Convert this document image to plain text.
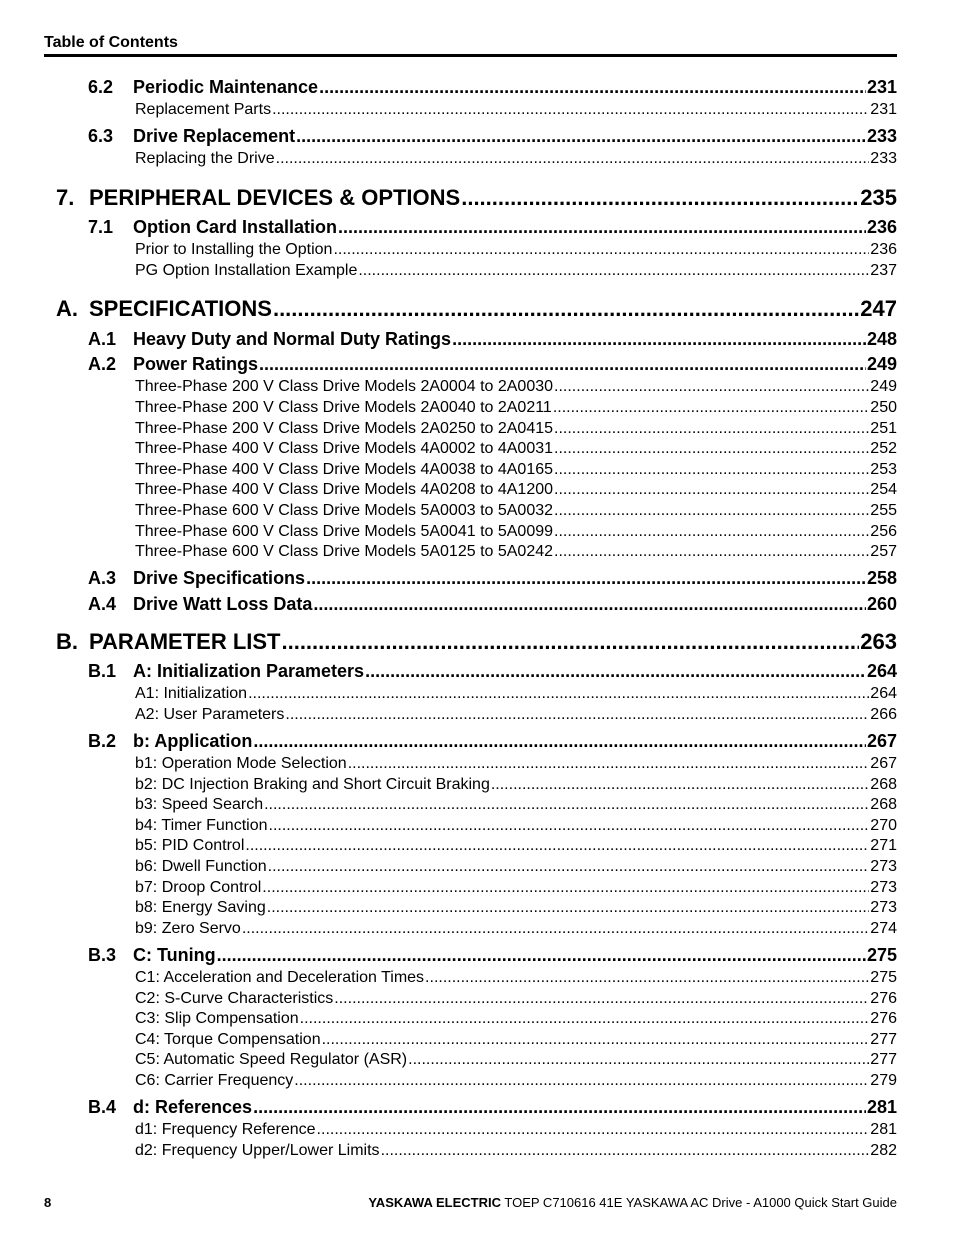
Table of Contents
6.2	Periodic Maintenance .....	231
Replacement Parts .....	231
6.3	Drive Replacement .....	233
Replacing the Drive .....	233
7. PERIPHERAL DEVICES & OPTIONS .....	235
7.1	Option Card Installation .....	236
Prior to Installing the Option .....	236
PG Option Installation Example .....	237
A. SPECIFICATIONS .....	247
A.1 Heavy Duty and Normal Duty Ratings .....	248
A.2 Power Ratings .....	249
Three-Phase 200 V Class Drive Models 2A0004 to 2A0030 .....	249
Three-Phase 200 V Class Drive Models 2A0040 to 2A0211 .....	250
Three-Phase 200 V Class Drive Models 2A0250 to 2A0415 .....	251
Three-Phase 400 V Class Drive Models 4A0002 to 4A0031 .....	252
Three-Phase 400 V Class Drive Models 4A0038 to 4A0165 .....	253
Three-Phase 400 V Class Drive Models 4A0208 to 4A1200 .....	254
Three-Phase 600 V Class Drive Models 5A0003 to 5A0032 .....	255
Three-Phase 600 V Class Drive Models 5A0041 to 5A0099 .....	256
Three-Phase 600 V Class Drive Models 5A0125 to 5A0242 .....	257
A.3 Drive Specifications .....	258
A.4 Drive Watt Loss Data .....	260
B. PARAMETER LIST .....	263
B.1 A: Initialization Parameters .....	264
A1: Initialization .....	264
A2: User Parameters .....	266
B.2 b: Application .....	267
b1: Operation Mode Selection .....	267
b2: DC Injection Braking and Short Circuit Braking .....	268
b3: Speed Search .....	268
b4: Timer Function .....	270
b5: PID Control .....	271
b6: Dwell Function .....	273
b7: Droop Control .....	273
b8: Energy Saving .....	273
b9: Zero Servo .....	274
B.3 C: Tuning .....	275
C1: Acceleration and Deceleration Times .....	275
C2: S-Curve Characteristics .....	276
C3: Slip Compensation .....	276
C4: Torque Compensation .....	277
C5: Automatic Speed Regulator (ASR) .....	277
C6: Carrier Frequency .....	279
B.4 d: References .....	281
d1: Frequency Reference .....	281
d2: Frequency Upper/Lower Limits .....	282
8	YASKAWA ELECTRIC TOEP C710616 41E YASKAWA AC Drive - A1000 Quick Start Guide
